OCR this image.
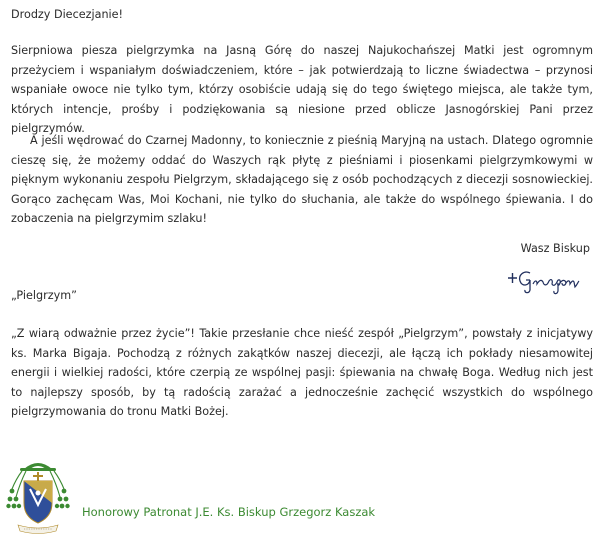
Drodzy Diecezjanie!

Sierpniowa piesza pielgrzymka na Jasną Górę do naszej Najukochańszej Matki jest ogromnym przeżyciem i wspaniałym doświadczeniem, które – jak potwierdzają to liczne świadectwa – przynosi wspaniałe owoce nie tylko tym, którzy osobiście udają się do tego świętego miejsca, ale także tym, których intencje, prośby i podziękowania są niesione przed oblicze Jasnogórskiej Pani przez pielgrzymów.

A jeśli wędrować do Czarnej Madonny, to koniecznie z pieśnią Maryjną na ustach. Dlatego ogromnie cieszę się, że możemy oddać do Waszych rąk płytę z pieśniami i piosenkami pielgrzymkowymi w pięknym wykonaniu zespołu Pielgrzym, składającego się z osób pochodzących z diecezji sosnowieckiej. Gorąco zachęcam Was, Moi Kochani, nie tylko do słuchania, ale także do wspólnego śpiewania. I do zobaczenia na pielgrzymim szlaku!

Wasz Biskup
„Pielgrzym”

„Z wiarą odważnie przez życie”! Takie przesłanie chce nieść zespół „Pielgrzym”, powstały z inicjatywy ks. Marka Bigaja. Pochodzą z różnych zakątków naszej diecezji, ale łączą ich pokłady niesamowitej energii i wielkiej radości, które czerpią ze wspólnej pasji: śpiewania na chwałę Boga. Według nich jest to najlepszy sposób, by tą radością zarażać a jednocześnie zachęcić wszystkich do wspólnego pielgrzymowania do tronu Matki Bożej.

Honorowy Patronat J.E. Ks. Biskup Grzegorz Kaszak
